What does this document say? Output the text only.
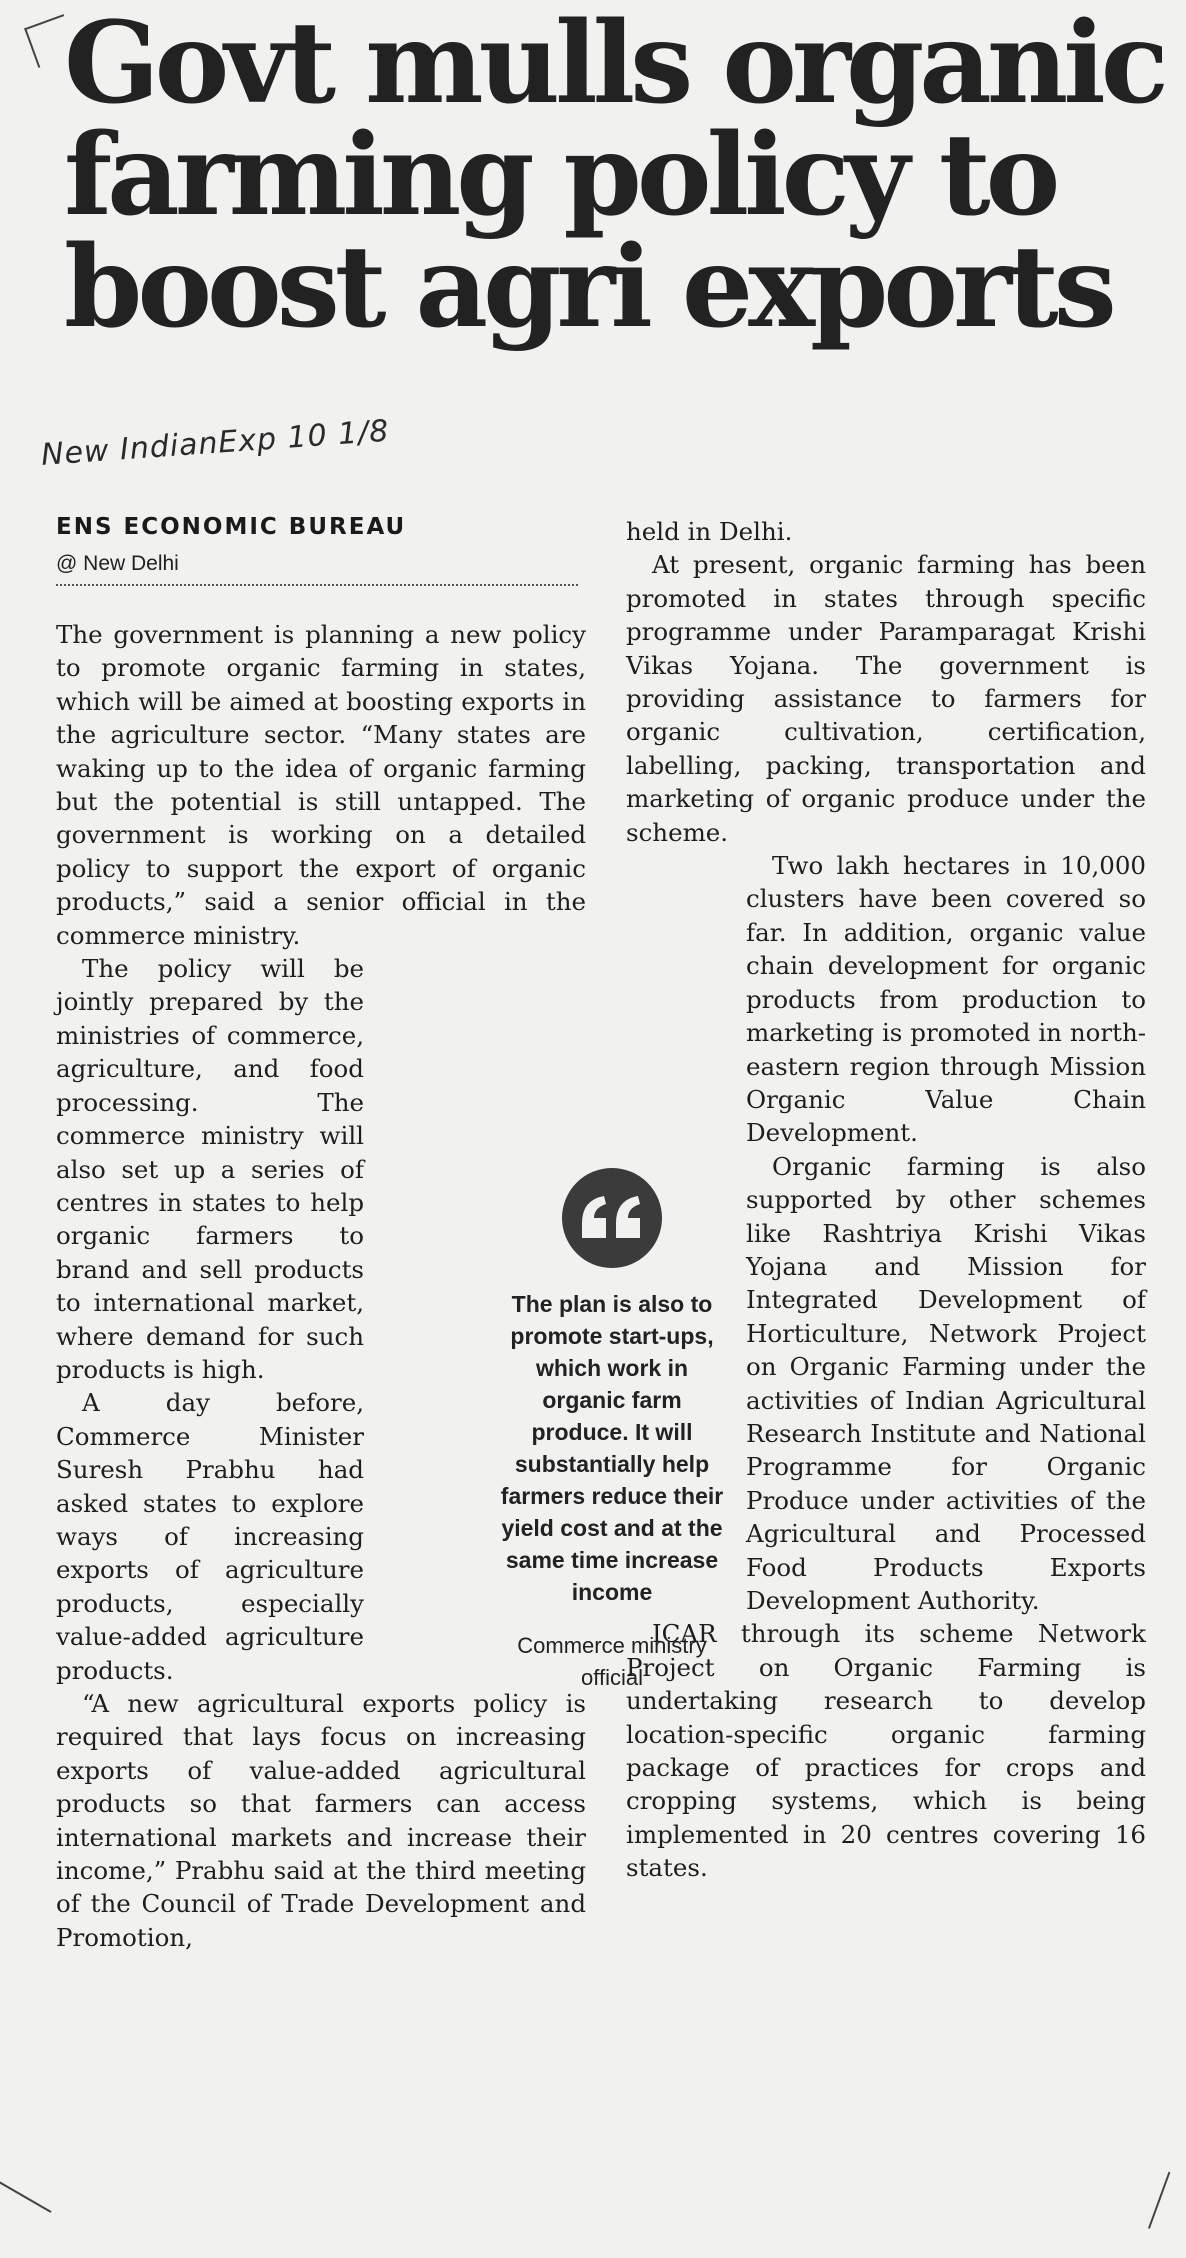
Govt mulls organic
farming policy to
boost agri exports
New IndianExp 10 1/8
ENS ECONOMIC BUREAU
@ New Delhi

The government is planning a new policy to promote organic farming in states, which will be aimed at boosting exports in the agriculture sector. “Many states are waking up to the idea of organic farming but the potential is still untapped. The government is working on a detailed policy to support the export of organic products,” said a senior official in the commerce ministry.

The policy will be jointly prepared by the ministries of commerce, agriculture, and food processing. The commerce ministry will also set up a series of centres in states to help organic farmers to brand and sell products to international market, where demand for such products is high.

A day before, Commerce Minister Suresh Prabhu had asked states to explore ways of increasing exports of agriculture products, especially value-added agriculture products.

“A new agricultural exports policy is required that lays focus on increasing exports of value-added agricultural products so that farmers can access international markets and increase their income,” Prabhu said at the third meeting of the Council of Trade Development and Promotion,

The plan is also to promote start-ups, which work in organic farm produce. It will substantially help farmers reduce their yield cost and at the same time increase income

Commerce ministry official

held in Delhi.

At present, organic farming has been promoted in states through specific programme under Paramparagat Krishi Vikas Yojana. The government is providing assistance to farmers for organic cultivation, certification, labelling, packing, transportation and marketing of organic produce under the scheme.

Two lakh hectares in 10,000 clusters have been covered so far. In addition, organic value chain development for organic products from production to marketing is promoted in north-eastern region through Mission Organic Value Chain Development.

Organic farming is also supported by other schemes like Rashtriya Krishi Vikas Yojana and Mission for Integrated Development of Horticulture, Network Project on Organic Farming under the activities of Indian Agricultural Research Institute and National Programme for Organic Produce under activities of the Agricultural and Processed Food Products Exports Development Authority.

ICAR through its scheme Network Project on Organic Farming is undertaking research to develop location-specific organic farming package of practices for crops and cropping systems, which is being implemented in 20 centres covering 16 states.
